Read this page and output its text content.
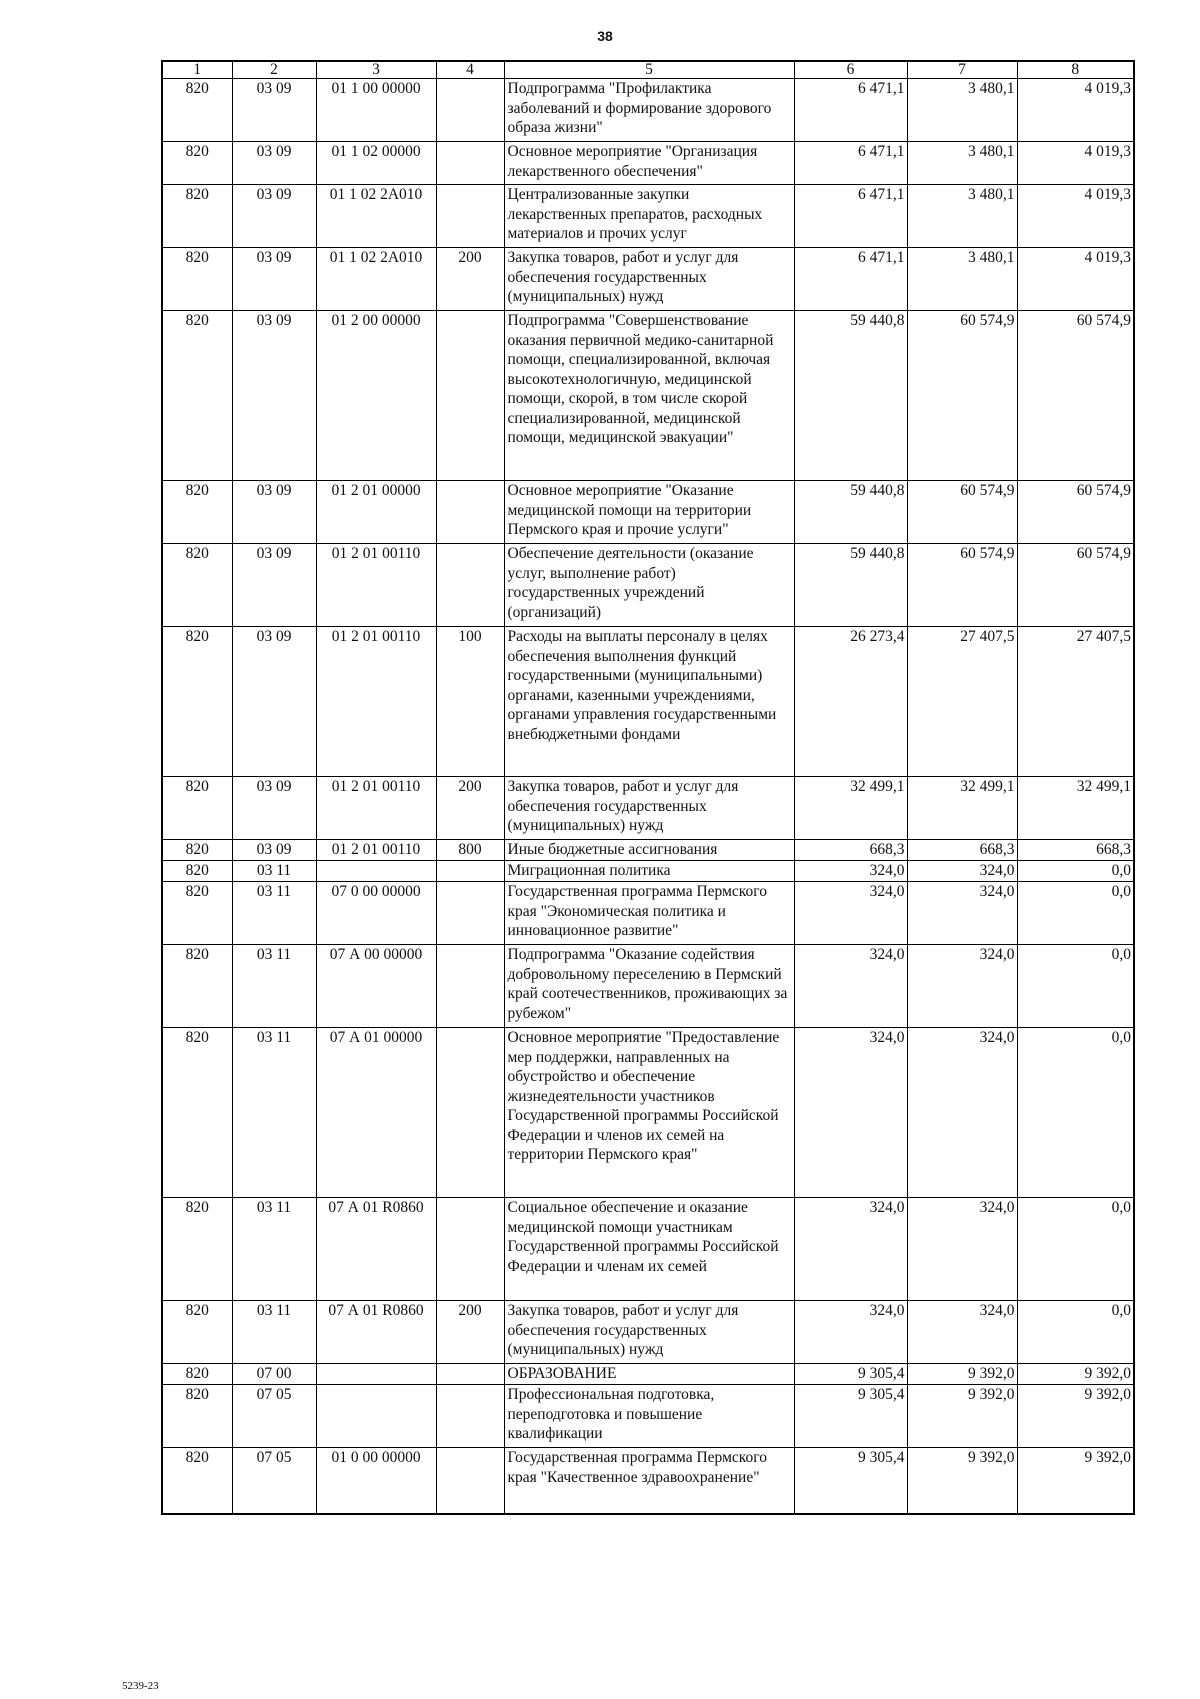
38
1	2	3	4	5	6	7	8
820	03 09	01 1 00 00000		Подпрограмма "Профилактика заболеваний и формирование здорового образа жизни"	6 471,1	3 480,1	4 019,3
820	03 09	01 1 02 00000		Основное мероприятие "Организация лекарственного обеспечения"	6 471,1	3 480,1	4 019,3
820	03 09	01 1 02 2А010		Централизованные закупки лекарственных препаратов, расходных материалов и прочих услуг	6 471,1	3 480,1	4 019,3
820	03 09	01 1 02 2А010	200	Закупка товаров, работ и услуг для обеспечения государственных (муниципальных) нужд	6 471,1	3 480,1	4 019,3
820	03 09	01 2 00 00000		Подпрограмма "Совершенствование оказания первичной медико-санитарной помощи, специализированной, включая высокотехнологичную, медицинской помощи, скорой, в том числе скорой специализированной, медицинской помощи, медицинской эвакуации"	59 440,8	60 574,9	60 574,9
820	03 09	01 2 01 00000		Основное мероприятие "Оказание медицинской помощи на территории Пермского края и прочие услуги"	59 440,8	60 574,9	60 574,9
820	03 09	01 2 01 00110		Обеспечение деятельности (оказание услуг, выполнение работ) государственных учреждений (организаций)	59 440,8	60 574,9	60 574,9
820	03 09	01 2 01 00110	100	Расходы на выплаты персоналу в целях обеспечения выполнения функций государственными (муниципальными) органами, казенными учреждениями, органами управления государственными внебюджетными фондами	26 273,4	27 407,5	27 407,5
820	03 09	01 2 01 00110	200	Закупка товаров, работ и услуг для обеспечения государственных (муниципальных) нужд	32 499,1	32 499,1	32 499,1
820	03 09	01 2 01 00110	800	Иные бюджетные ассигнования	668,3	668,3	668,3
820	03 11			Миграционная политика	324,0	324,0	0,0
820	03 11	07 0 00 00000		Государственная программа Пермского края "Экономическая политика и инновационное развитие"	324,0	324,0	0,0
820	03 11	07 А 00 00000		Подпрограмма "Оказание содействия добровольному переселению в Пермский край соотечественников, проживающих за рубежом"	324,0	324,0	0,0
820	03 11	07 А 01 00000		Основное мероприятие "Предоставление мер поддержки, направленных на обустройство и обеспечение жизнедеятельности участников Государственной программы Российской Федерации и членов их семей на территории Пермского края"	324,0	324,0	0,0
820	03 11	07 А 01 R0860		Социальное обеспечение и оказание медицинской помощи участникам Государственной программы Российской Федерации и членам их семей	324,0	324,0	0,0
820	03 11	07 А 01 R0860	200	Закупка товаров, работ и услуг для обеспечения государственных (муниципальных) нужд	324,0	324,0	0,0
820	07 00			ОБРАЗОВАНИЕ	9 305,4	9 392,0	9 392,0
820	07 05			Профессиональная подготовка, переподготовка и повышение квалификации	9 305,4	9 392,0	9 392,0
820	07 05	01 0 00 00000		Государственная программа Пермского края "Качественное здравоохранение"	9 305,4	9 392,0	9 392,0
5239-23
